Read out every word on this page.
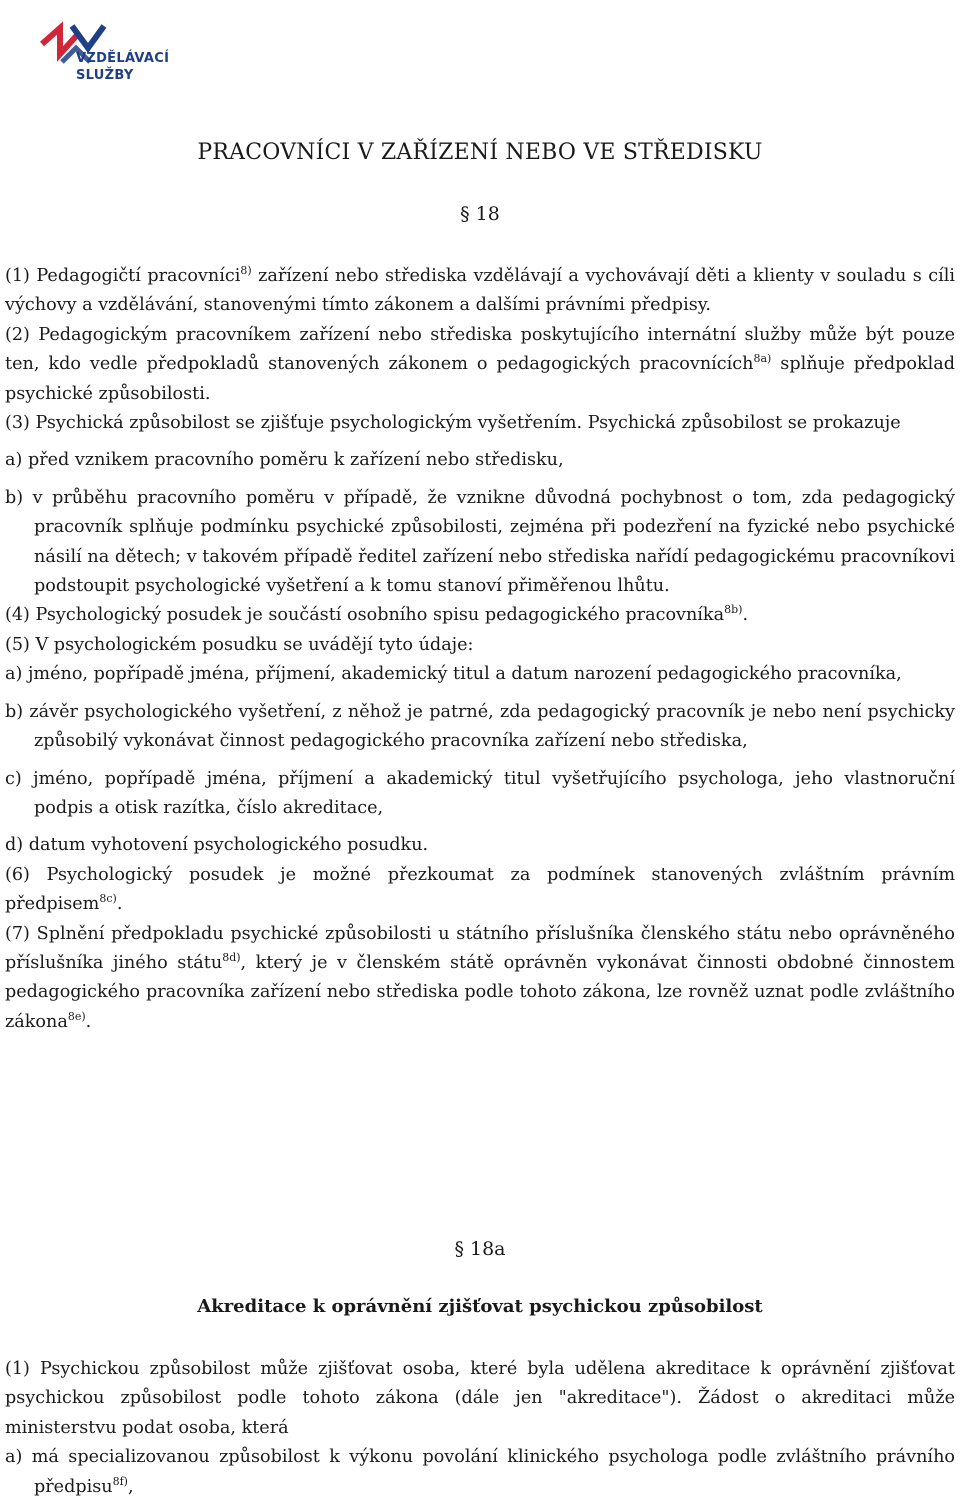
VZDĚLÁVACÍ
SLUŽBY
PRACOVNÍCI V ZAŘÍZENÍ NEBO VE STŘEDISKU
§ 18

(1) Pedagogičtí pracovníci$^{8)}$ zařízení nebo střediska vzdělávají a vychovávají děti a klienty v souladu s cíli výchovy a vzdělávání, stanovenými tímto zákonem a dalšími právními předpisy.

(2) Pedagogickým pracovníkem zařízení nebo střediska poskytujícího internátní služby může být pouze ten, kdo vedle předpokladů stanovených zákonem o pedagogických pracovnících$^{8a)}$ splňuje předpoklad psychické způsobilosti.

(3) Psychická způsobilost se zjišťuje psychologickým vyšetřením. Psychická způsobilost se prokazuje

a) před vznikem pracovního poměru k zařízení nebo středisku,

b) v průběhu pracovního poměru v případě, že vznikne důvodná pochybnost o tom, zda pedagogický pracovník splňuje podmínku psychické způsobilosti, zejména při podezření na fyzické nebo psychické násilí na dětech; v takovém případě ředitel zařízení nebo střediska nařídí pedagogickému pracovníkovi podstoupit psychologické vyšetření a k tomu stanoví přiměřenou lhůtu.

(4) Psychologický posudek je součástí osobního spisu pedagogického pracovníka$^{8b)}$.

(5) V psychologickém posudku se uvádějí tyto údaje:

a) jméno, popřípadě jména, příjmení, akademický titul a datum narození pedagogického pracovníka,

b) závěr psychologického vyšetření, z něhož je patrné, zda pedagogický pracovník je nebo není psychicky způsobilý vykonávat činnost pedagogického pracovníka zařízení nebo střediska,

c) jméno, popřípadě jména, příjmení a akademický titul vyšetřujícího psychologa, jeho vlastnoruční podpis a otisk razítka, číslo akreditace,

d) datum vyhotovení psychologického posudku.

(6) Psychologický posudek je možné přezkoumat za podmínek stanovených zvláštním právním předpisem$^{8c)}$.

(7) Splnění předpokladu psychické způsobilosti u státního příslušníka členského státu nebo oprávněného příslušníka jiného státu$^{8d)}$, který je v členském státě oprávněn vykonávat činnosti obdobné činnostem pedagogického pracovníka zařízení nebo střediska podle tohoto zákona, lze rovněž uznat podle zvláštního zákona$^{8e)}$.

§ 18a
Akreditace k oprávnění zjišťovat psychickou způsobilost

(1) Psychickou způsobilost může zjišťovat osoba, které byla udělena akreditace k oprávnění zjišťovat psychickou způsobilost podle tohoto zákona (dále jen "akreditace"). Žádost o akreditaci může ministerstvu podat osoba, která

a) má specializovanou způsobilost k výkonu povolání klinického psychologa podle zvláštního právního předpisu$^{8f)}$,
